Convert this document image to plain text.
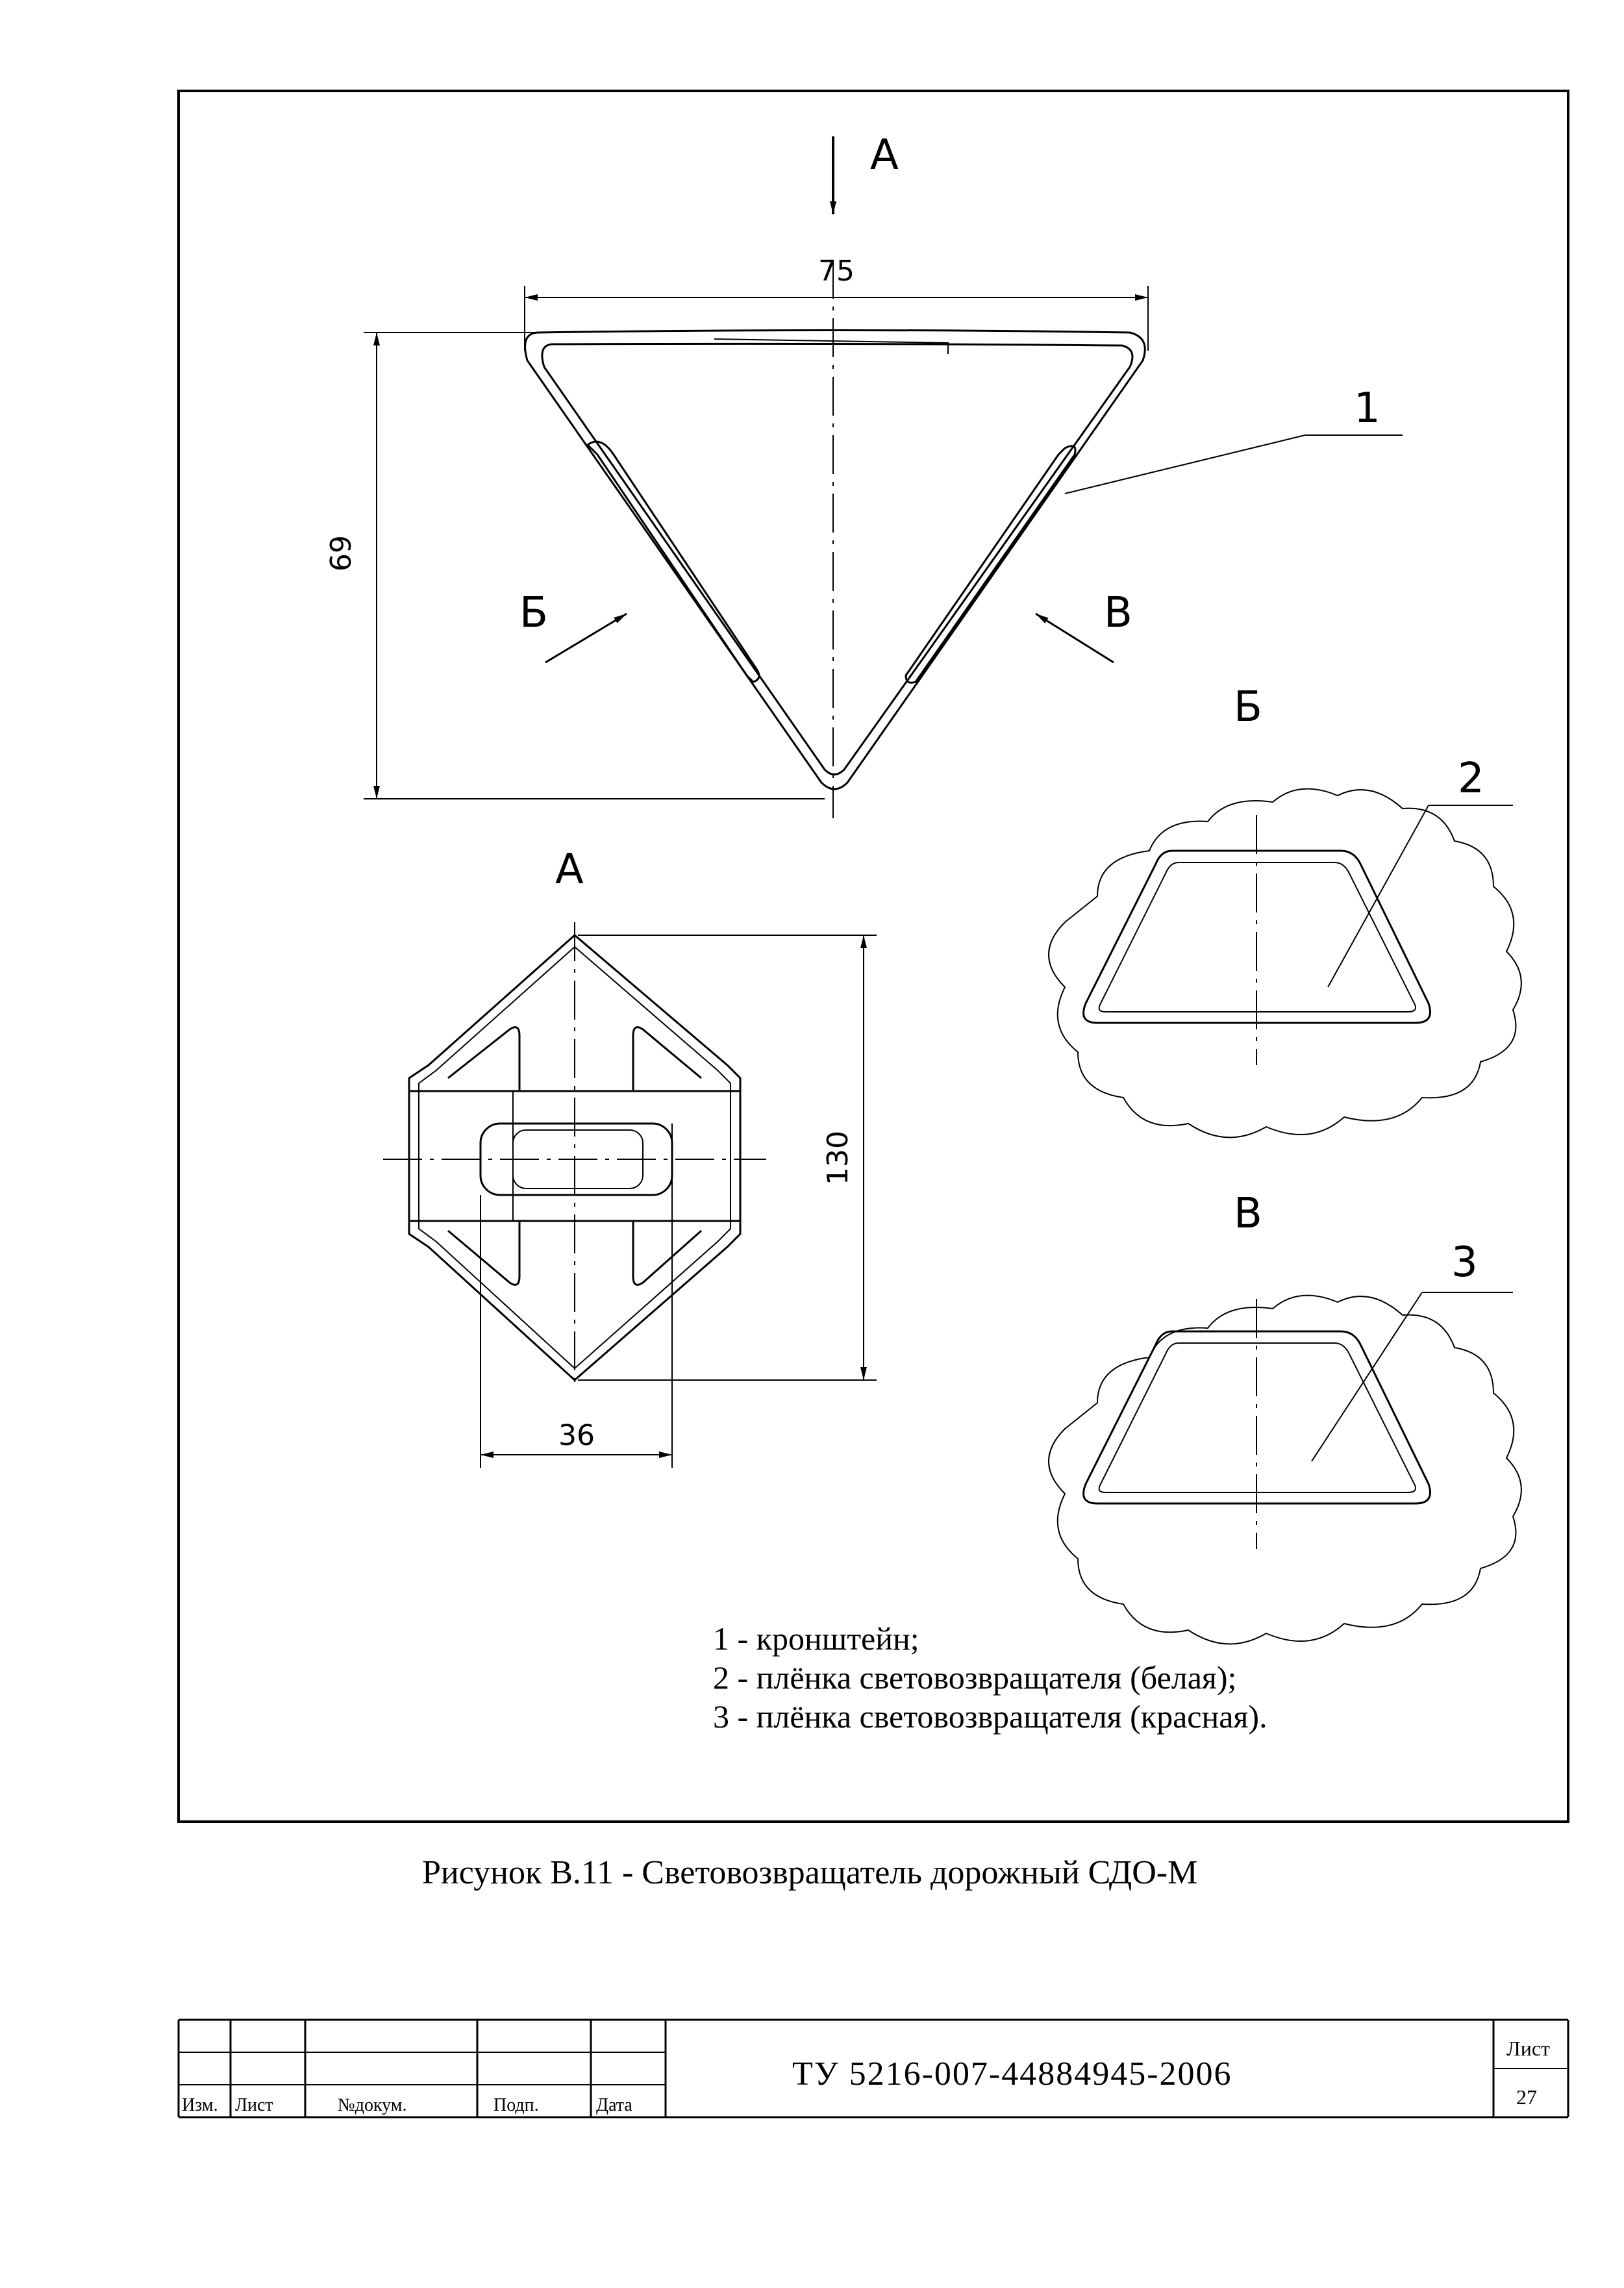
А
75
69
1
Б	В
А
130
36
Б
2
В
3
1 - кронштейн;
2 - плёнка световозвращателя (белая);
3 - плёнка световозвращателя (красная).
Рисунок В.11 - Световозвращатель дорожный СДО-М
Изм. Лист	№докум.	Подп.	Дата
ТУ 5216-007-44884945-2006
Лист
27
